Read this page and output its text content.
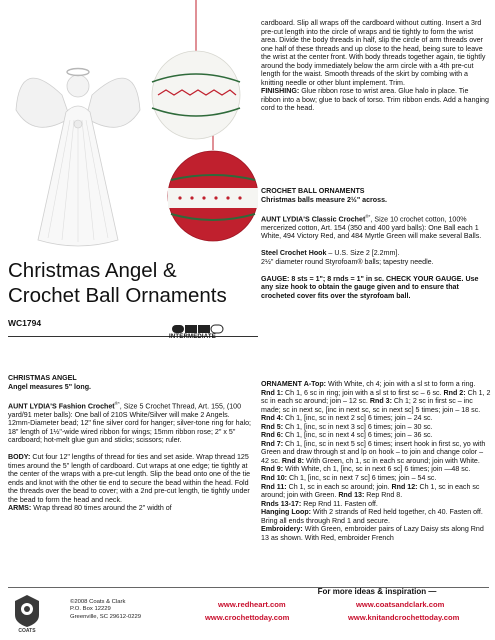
Christmas Angel &
Crochet Ball Ornaments
WC1794
INTERMEDIATE

CHRISTMAS ANGEL
Angel measures 5" long.

AUNT LYDIA'S Fashion Crochet®*, Size 5 Crochet Thread, Art. 155, (100 yard/91 meter balls): One ball of 210S White/Silver will make 2 Angels.
12mm-Diameter bead; 12" fine silver cord for hanger; silver-tone ring for halo; 18" length of 1½"-wide wired ribbon for wings; 15mm ribbon rose; 2" x 5" cardboard; hot-melt glue gun and sticks; scissors; ruler.

BODY: Cut four 12" lengths of thread for ties and set aside. Wrap thread 125 times around the 5" length of cardboard. Cut wraps at one edge; tie tightly at the center of the wraps with a pre-cut length. Slip the bead onto one of the tie ends and knot with the other tie end to secure the bead within the head. Fold the threads over the bead to cover; with a 2nd pre-cut length, tie tightly under the bead to form the head and neck.
ARMS: Wrap thread 80 times around the 2" width of

cardboard. Slip all wraps off the cardboard without cutting. Insert a 3rd pre-cut length into the circle of wraps and tie tightly to form the wrist area. Divide the body threads in half, slip the circle of arm threads over one half of these threads and up close to the head, being sure to leave the wrist at the center front. With body threads together again, tie tightly around the body immediately below the arm circle with a 4th pre-cut length for the waist. Smooth threads of the skirt by combing with a knitting needle or other blunt implement. Trim.
FINISHING: Glue ribbon rose to wrist area. Glue halo in place. Tie ribbon into a bow; glue to back of torso. Trim ribbon ends. Add a hanging cord to the head.

CROCHET BALL ORNAMENTS
Christmas balls measure 2½" across.

AUNT LYDIA'S Classic Crochet®*, Size 10 crochet cotton, 100% mercerized cotton, Art. 154 (350 and 400 yard balls): One Ball each 1 White, 494 Victory Red, and 484 Myrtle Green will make several Balls.

Steel Crochet Hook – U.S. Size 2 [2.2mm].
2½" diameter round Styrofoam® balls; tapestry needle.

GAUGE: 8 sts = 1"; 8 rnds = 1" in sc. CHECK YOUR GAUGE. Use any size hook to obtain the gauge given and to ensure that crocheted cover fits over the styrofoam ball.

ORNAMENT A-Top: With White, ch 4; join with a sl st to form a ring. Rnd 1: Ch 1, 6 sc in ring; join with a sl st to first sc – 6 sc. Rnd 2: Ch 1, 2 sc in each sc around; join – 12 sc. Rnd 3: Ch 1; 2 sc in first sc – inc made; sc in next sc, [inc in next sc, sc in next sc] 5 times; join – 18 sc.
Rnd 4: Ch 1, [inc, sc in next 2 sc] 6 times; join – 24 sc.
Rnd 5: Ch 1, [inc, sc in next 3 sc] 6 times; join – 30 sc.
Rnd 6: Ch 1, [inc, sc in next 4 sc] 6 times; join – 36 sc.
Rnd 7: Ch 1, [inc, sc in next 5 sc] 6 times; insert hook in first sc, yo with Green and draw through st and lp on hook – to join and change color – 42 sc. Rnd 8: With Green, ch 1, sc in each sc around; join with White. Rnd 9: With White, ch 1, [inc, sc in next 6 sc] 6 times; join —48 sc.
Rnd 10: Ch 1, [inc, sc in next 7 sc] 6 times; join – 54 sc.
Rnd 11: Ch 1, sc in each sc around; join. Rnd 12: Ch 1, sc in each sc around; join with Green. Rnd 13: Rep Rnd 8.
Rnds 13-17: Rep Rnd 11. Fasten off.
Hanging Loop: With 2 strands of Red held together, ch 40. Fasten off. Bring all ends through Rnd 1 and secure.
Embroidery: With Green, embroider pairs of Lazy Daisy sts along Rnd 13 as shown. With Red, embroider French
COATS
©2008 Coats & Clark
P.O. Box 12229
Greenville, SC 29612-0229
For more ideas & inspiration —
www.redheart.com	www.coatsandclark.com
www.crochettoday.com	www.knitandcrochettoday.com
